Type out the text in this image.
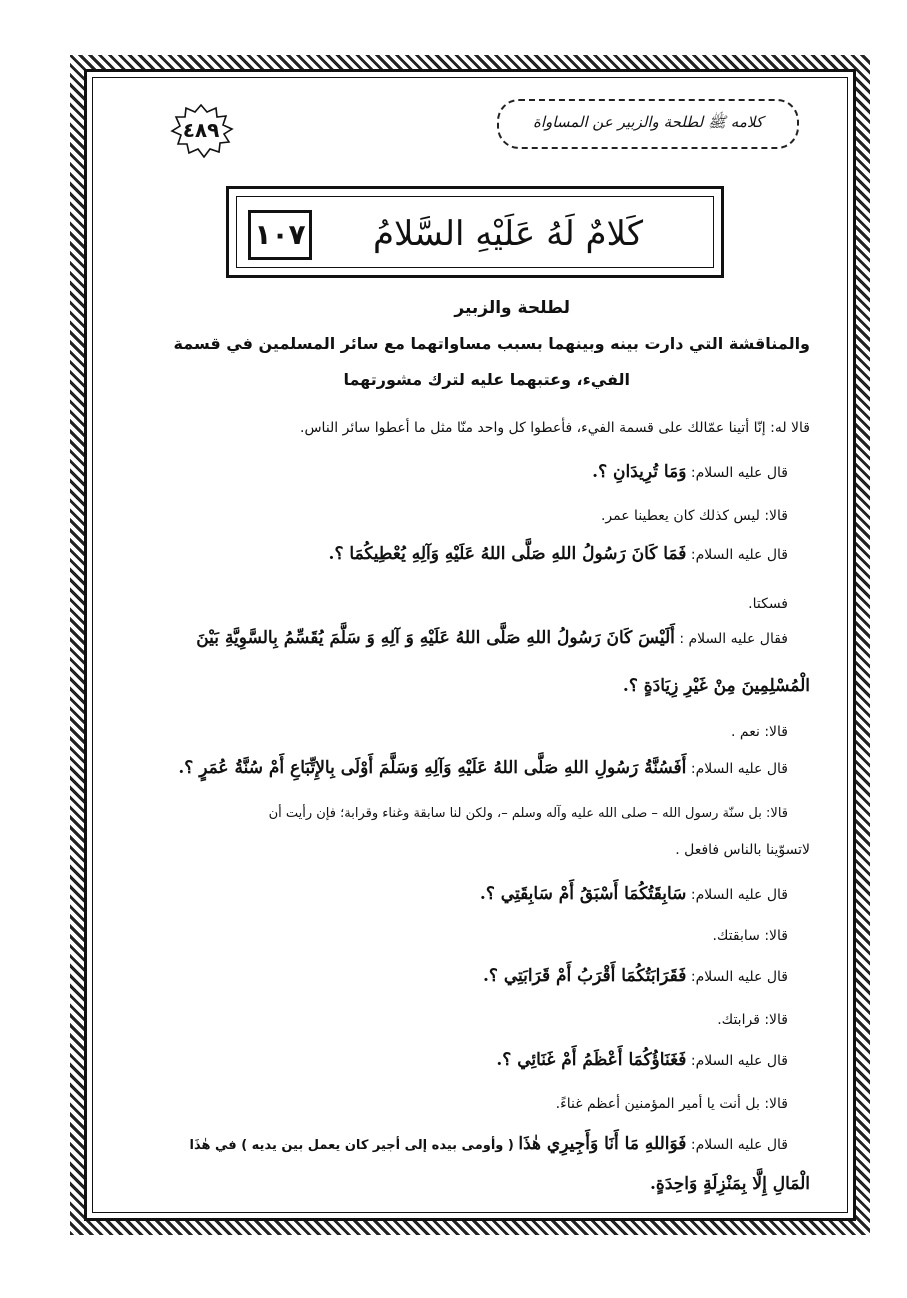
كلامه ﷺ لطلحة والزبير عن المساواة
٤٨٩
كَلامٌ لَهُ عَلَيْهِ السَّلامُ
١٠٧
لطلحة والزبير
والمناقشة التي دارت بينه وبينهما بسبب مساواتهما مع سائر المسلمين في قسمة
الفيء، وعتبهما عليه لترك مشورتهما
قالا له: إنّا أتينا عمّالك على قسمة الفيء، فأعطوا كل واحد منّا مثل ما أعطوا سائر الناس.
قال عليه السلام: وَمَا تُرِيدَانِ ؟.
قالا: ليس كذلك كان يعطينا عمر.
قال عليه السلام: فَمَا كَانَ رَسُولُ اللهِ صَلَّى اللهُ عَلَيْهِ وَآلِهِ يُعْطِيكُمَا ؟.
فسكتا.
فقال عليه السلام : أَلَيْسَ كَانَ رَسُولُ اللهِ صَلَّى اللهُ عَلَيْهِ وَ آلِهِ وَ سَلَّمَ يُقَسِّمُ بِالسَّوِيَّةِ بَيْنَ
الْمُسْلِمِينَ مِنْ غَيْرِ زِيَادَةٍ ؟.
قالا: نعم .
قال عليه السلام: أَفَسُنَّةُ رَسُولِ اللهِ صَلَّى اللهُ عَلَيْهِ وَآلِهِ وَسَلَّمَ أَوْلَى بِالإِتِّبَاعِ أَمْ سُنَّةُ عُمَرٍ ؟.
قالا: بل سنّة رسول الله – صلى الله عليه وآله وسلم –، ولكن لنا سابقة وغناء وقرابة؛ فإن رأيت أن
لاتسوّينا بالناس فافعل .
قال عليه السلام: سَابِقَتُكُمَا أَسْبَقُ أَمْ سَابِقَتِي ؟.
قالا: سابقتك.
قال عليه السلام: فَقَرَابَتُكُمَا أَقْرَبُ أَمْ قَرَابَتِي ؟.
قالا: قرابتك.
قال عليه السلام: فَغَنَاؤُكُمَا أَعْظَمُ أَمْ غَنَائِي ؟.
قالا: بل أنت يا أمير المؤمنين أعظم غناءً.
قال عليه السلام: فَوَاللهِ مَا أَنَا وَأَجِيرِي هٰذَا ( وأومى بيده إلى أجير كان يعمل بين يديه ) في هٰذَا
الْمَالِ إِلَّا بِمَنْزِلَةٍ وَاحِدَةٍ.
